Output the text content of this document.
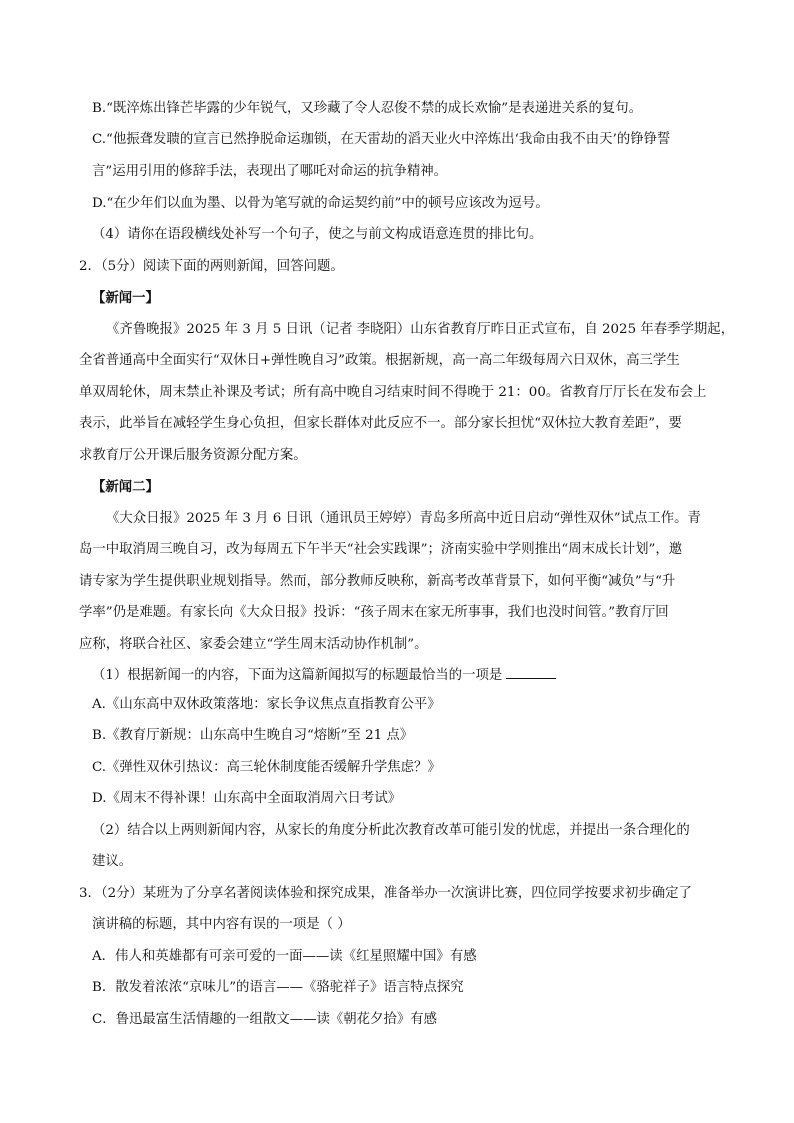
B.“既淬炼出锋芒毕露的少年锐气，又珍藏了令人忍俊不禁的成长欢愉”是表递进关系的复句。
C.“他振聋发聩的宣言已然挣脱命运珈锁，在天雷劫的滔天业火中淬炼出‘我命由我不由天’的铮铮誓
言”运用引用的修辞手法，表现出了哪吒对命运的抗争精神。
D.“在少年们以血为墨、以骨为笔写就的命运契约前”中的顿号应该改为逗号。
（4）请你在语段横线处补写一个句子，使之与前文构成语意连贯的排比句。
2．（5分）阅读下面的两则新闻，回答问题。
【新闻一】
《齐鲁晚报》2025 年 3 月 5 日讯（记者 李晓阳）山东省教育厅昨日正式宣布，自 2025 年春季学期起，
全省普通高中全面实行“双休日+弹性晚自习”政策。根据新规，高一高二年级每周六日双休，高三学生
单双周轮休，周末禁止补课及考试；所有高中晚自习结束时间不得晚于 21：00。省教育厅厅长在发布会上
表示，此举旨在减轻学生身心负担，但家长群体对此反应不一。部分家长担忧“双休拉大教育差距”，要
求教育厅公开课后服务资源分配方案。
【新闻二】
《大众日报》2025 年 3 月 6 日讯（通讯员王婷婷）青岛多所高中近日启动“弹性双休”试点工作。青
岛一中取消周三晚自习，改为每周五下午半天“社会实践课”；济南实验中学则推出“周末成长计划”，邀
请专家为学生提供职业规划指导。然而，部分教师反映称，新高考改革背景下，如何平衡“减负”与“升
学率”仍是难题。有家长向《大众日报》投诉：“孩子周末在家无所事事，我们也没时间管。”教育厅回
应称，将联合社区、家委会建立“学生周末活动协作机制”。
（1）根据新闻一的内容，下面为这篇新闻拟写的标题最恰当的一项是
A.《山东高中双休政策落地：家长争议焦点直指教育公平》
B.《教育厅新规：山东高中生晚自习“熔断”至 21 点》
C.《弹性双休引热议：高三轮休制度能否缓解升学焦虑？》
D.《周末不得补课！山东高中全面取消周六日考试》
（2）结合以上两则新闻内容，从家长的角度分析此次教育改革可能引发的忧虑，并提出一条合理化的
建议。
3．（2分）某班为了分享名著阅读体验和探究成果，准备举办一次演讲比赛，四位同学按要求初步确定了
演讲稿的标题，其中内容有误的一项是（ ）
A．伟人和英雄都有可亲可爱的一面——读《红星照耀中国》有感
B．散发着浓浓“京味儿”的语言——《骆驼祥子》语言特点探究
C．鲁迅最富生活情趣的一组散文——读《朝花夕拾》有感
